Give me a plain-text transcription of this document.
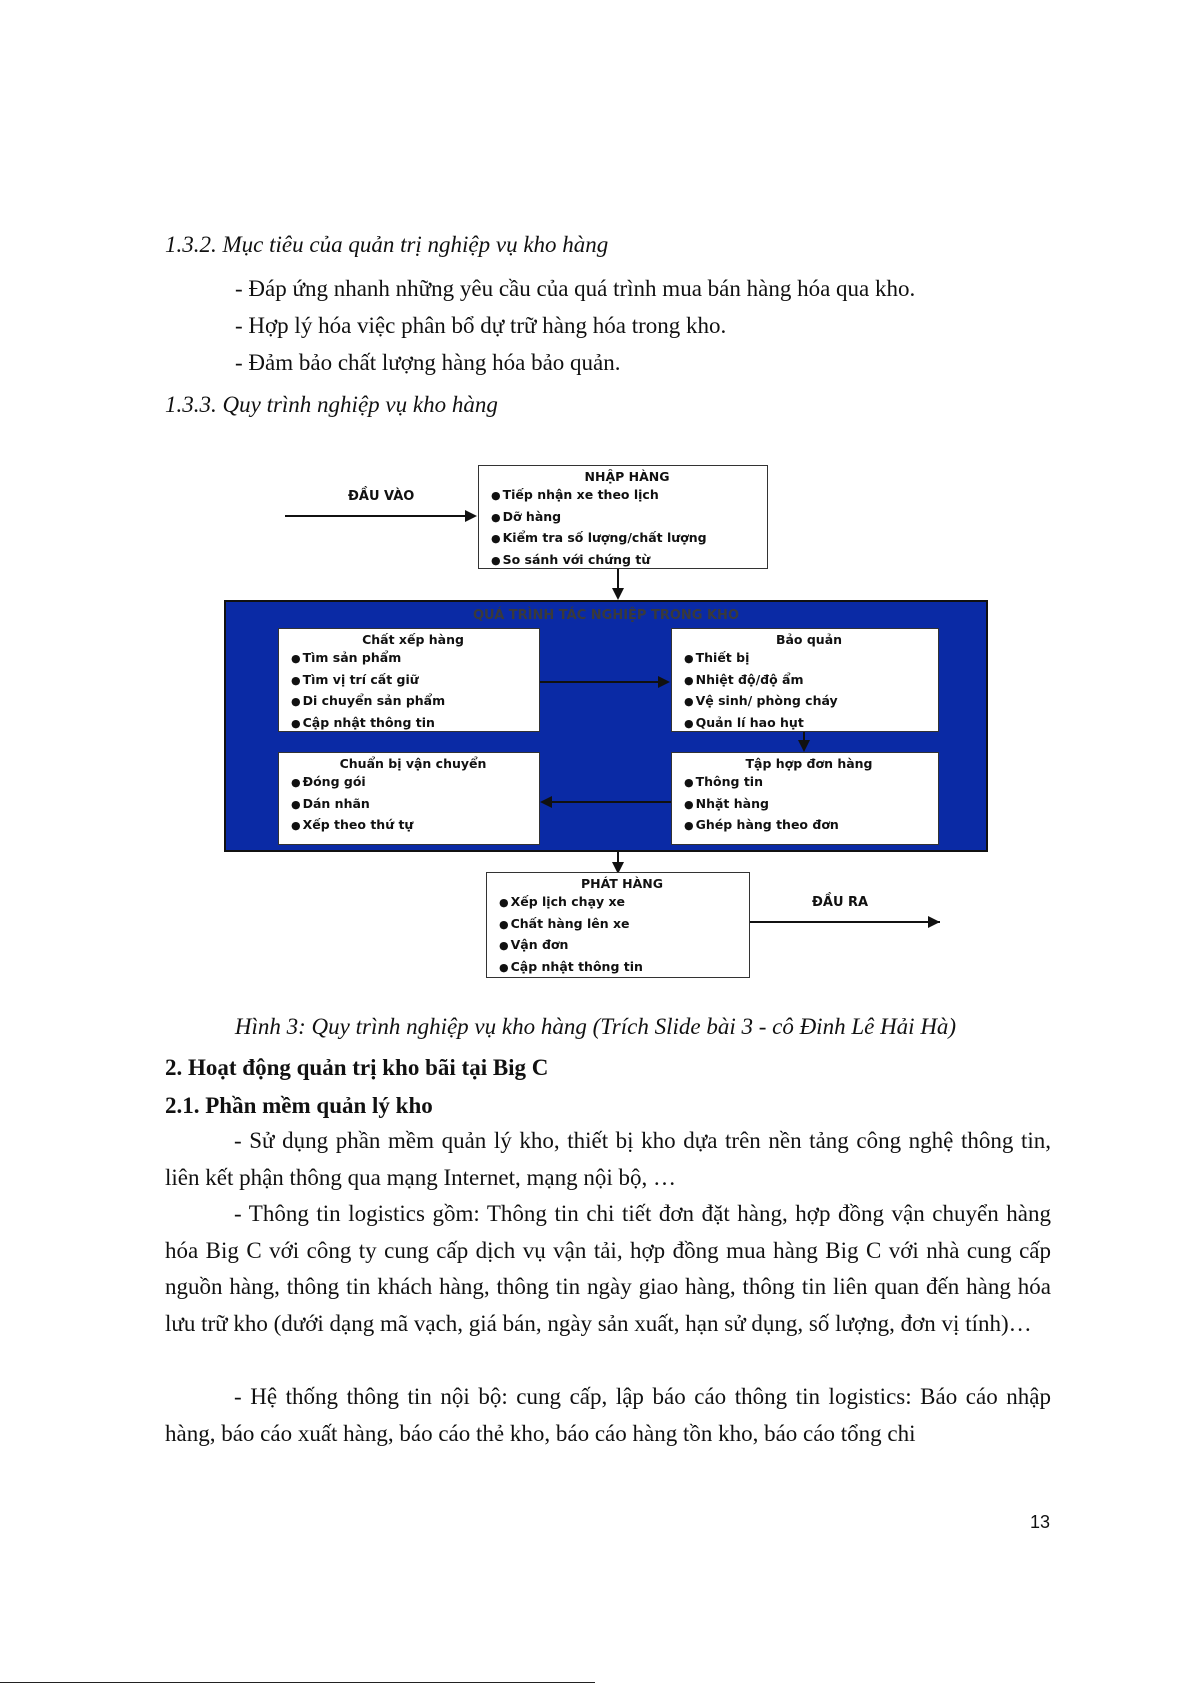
1.3.2. Mục tiêu của quản trị nghiệp vụ kho hàng
- Đáp ứng nhanh những yêu cầu của quá trình mua bán hàng hóa qua kho.
- Hợp lý hóa việc phân bổ dự trữ hàng hóa trong kho.
- Đảm bảo chất lượng hàng hóa bảo quản.
1.3.3. Quy trình nghiệp vụ kho hàng
ĐẦU VÀO
NHẬP HÀNG
● Tiếp nhận xe theo lịch
● Dỡ hàng
● Kiểm tra số lượng/chất lượng
● So sánh với chứng từ
QUÁ TRÌNH TÁC NGHIỆP TRONG KHO
Chất xếp hàng
● Tìm sản phẩm
● Tìm vị trí cất giữ
● Di chuyển sản phẩm
● Cập nhật thông tin
Bảo quản
● Thiết bị
● Nhiệt độ/độ ẩm
● Vệ sinh/ phòng cháy
● Quản lí hao hụt
Chuẩn bị vận chuyển
● Đóng gói
● Dán nhãn
● Xếp theo thứ tự
Tập hợp đơn hàng
● Thông tin
● Nhặt hàng
● Ghép hàng theo đơn
PHÁT HÀNG
● Xếp lịch chạy xe
● Chất hàng lên xe
● Vận đơn
● Cập nhật thông tin
ĐẦU RA
Hình 3: Quy trình nghiệp vụ kho hàng (Trích Slide bài 3 - cô Đinh Lê Hải Hà)
2. Hoạt động quản trị kho bãi tại Big C
2.1. Phần mềm quản lý kho
- Sử dụng phần mềm quản lý kho, thiết bị kho dựa trên nền tảng công nghệ thông tin, liên kết phận thông qua mạng Internet, mạng nội bộ, …
- Thông tin logistics gồm: Thông tin chi tiết đơn đặt hàng, hợp đồng vận chuyển hàng hóa Big C với công ty cung cấp dịch vụ vận tải, hợp đồng mua hàng Big C với nhà cung cấp nguồn hàng, thông tin khách hàng, thông tin ngày giao hàng, thông tin liên quan đến hàng hóa lưu trữ kho (dưới dạng mã vạch, giá bán, ngày sản xuất, hạn sử dụng, số lượng, đơn vị tính)…
- Hệ thống thông tin nội bộ: cung cấp, lập báo cáo thông tin logistics: Báo cáo nhập hàng, báo cáo xuất hàng, báo cáo thẻ kho, báo cáo hàng tồn kho, báo cáo tổng chi
13
